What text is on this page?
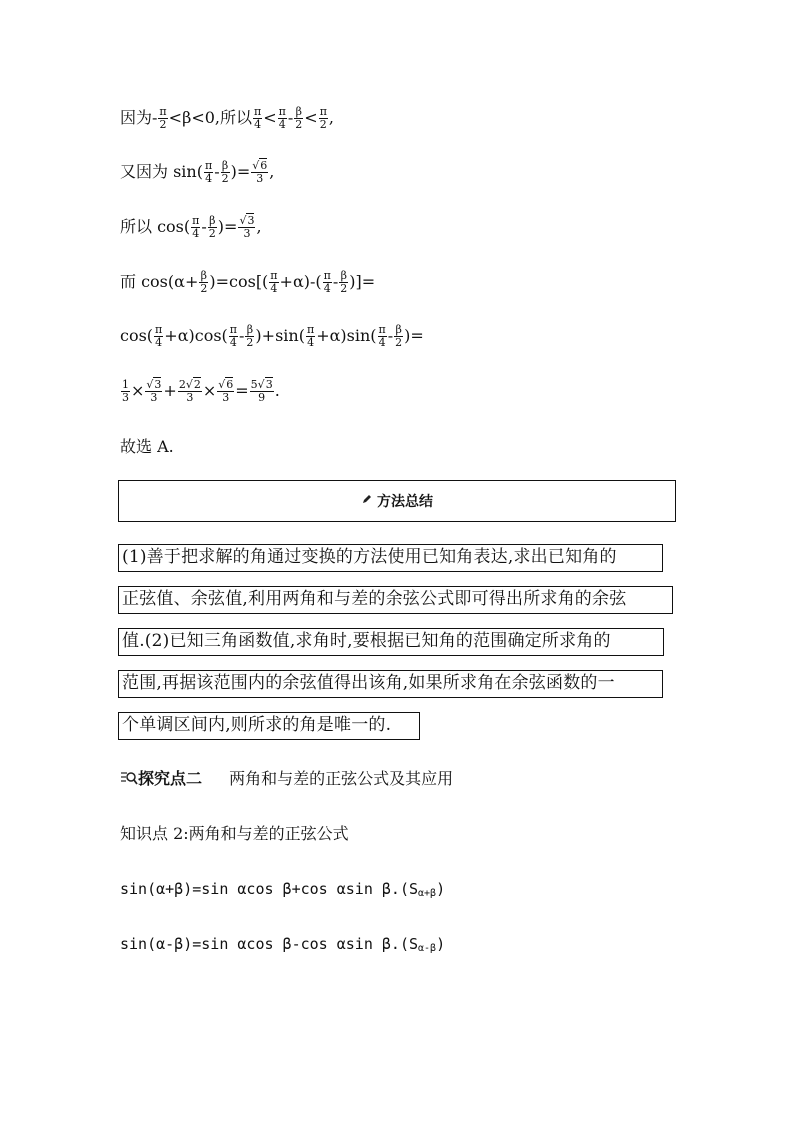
因为- $\frac{\pi}{2} <\beta<0$,所以 $\frac{\pi}{4} < \frac{\pi}{4} - \frac{\beta}{2} < \frac{\pi}{2}$ ,
又因为 $\sin( \frac{\pi}{4} - \frac{\beta}{2}$ )= $\frac{√6}{3}$ ,
所以 $\cos( \frac{\pi}{4} - \frac{\beta}{2}$ )= $\frac{√3}{3}$ ,
而 $\cos(\alpha+ \frac{\beta}{2} )=\cos[( \frac{\pi}{4} +\alpha)-( \frac{\pi}{4} - \frac{\beta}{2}$ )]=
$\cos( \frac{\pi}{4} +\alpha)\cos( \frac{\pi}{4} - \frac{\beta}{2} )+\sin( \frac{\pi}{4} +\alpha)\sin( \frac{\pi}{4} - \frac{\beta}{2}$ )=
$\frac{1}{3} \times \frac{√3}{3} + \frac{2√2}{3} \times \frac{√6}{3} = \frac{5√3}{9}$ .
故选 A.
方法总结
(1)善于把求解的角通过变换的方法使用已知角表达,求出已知角的
正弦值、余弦值,利用两角和与差的余弦公式即可得出所求角的余弦
值.(2)已知三角函数值,求角时,要根据已知角的范围确定所求角的
范围,再据该范围内的余弦值得出该角,如果所求角在余弦函数的一
个单调区间内,则所求的角是唯一的.
探究点二 两角和与差的正弦公式及其应用
知识点 2:两角和与差的正弦公式
sin(α+β)=sin αcos β+cos αsin $\beta.(S_{\alpha+\beta})$
sin(α-β)=sin αcos β-cos αsin $\beta.(S_{\alpha-\beta})$
